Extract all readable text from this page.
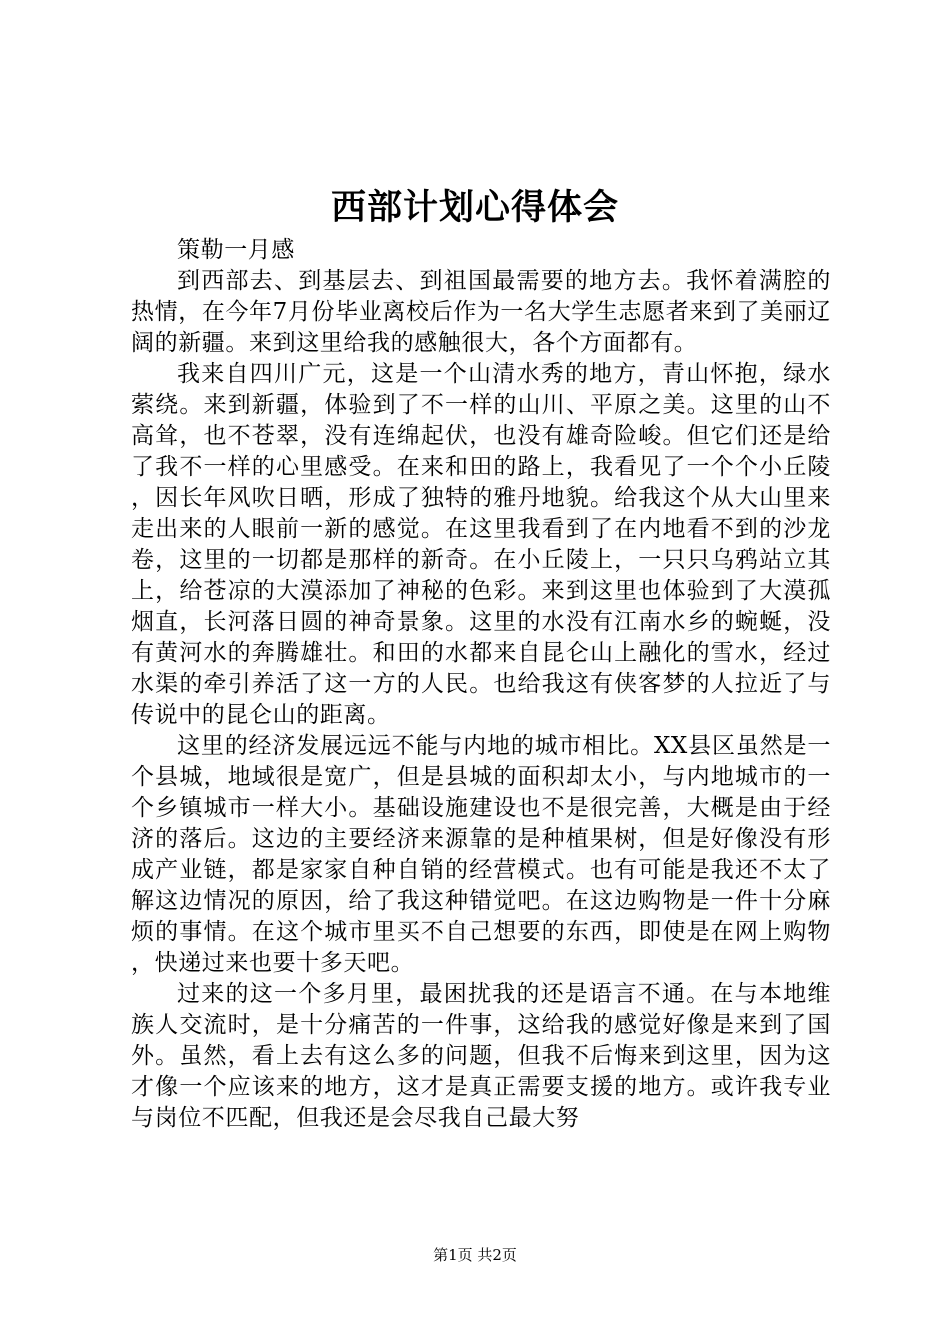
西部计划心得体会

策勒一月感

到西部去、到基层去、到祖国最需要的地方去。我怀着满腔的热情，在今年7月份毕业离校后作为一名大学生志愿者来到了美丽辽阔的新疆。来到这里给我的感触很大，各个方面都有。

我来自四川广元，这是一个山清水秀的地方，青山怀抱，绿水萦绕。来到新疆，体验到了不一样的山川、平原之美。这里的山不高耸，也不苍翠，没有连绵起伏，也没有雄奇险峻。但它们还是给了我不一样的心里感受。在来和田的路上，我看见了一个个小丘陵，因长年风吹日晒，形成了独特的雅丹地貌。给我这个从大山里来走出来的人眼前一新的感觉。在这里我看到了在内地看不到的沙龙卷，这里的一切都是那样的新奇。在小丘陵上，一只只乌鸦站立其上，给苍凉的大漠添加了神秘的色彩。来到这里也体验到了大漠孤烟直，长河落日圆的神奇景象。这里的水没有江南水乡的蜿蜒，没有黄河水的奔腾雄壮。和田的水都来自昆仑山上融化的雪水，经过水渠的牵引养活了这一方的人民。也给我这有侠客梦的人拉近了与传说中的昆仑山的距离。

这里的经济发展远远不能与内地的城市相比。XX县区虽然是一个县城，地域很是宽广，但是县城的面积却太小，与内地城市的一个乡镇城市一样大小。基础设施建设也不是很完善，大概是由于经济的落后。这边的主要经济来源靠的是种植果树，但是好像没有形成产业链，都是家家自种自销的经营模式。也有可能是我还不太了解这边情况的原因，给了我这种错觉吧。在这边购物是一件十分麻烦的事情。在这个城市里买不自己想要的东西，即使是在网上购物，快递过来也要十多天吧。

过来的这一个多月里，最困扰我的还是语言不通。在与本地维族人交流时，是十分痛苦的一件事，这给我的感觉好像是来到了国外。虽然，看上去有这么多的问题，但我不后悔来到这里，因为这才像一个应该来的地方，这才是真正需要支援的地方。或许我专业与岗位不匹配，但我还是会尽我自己最大努

第1页 共2页
